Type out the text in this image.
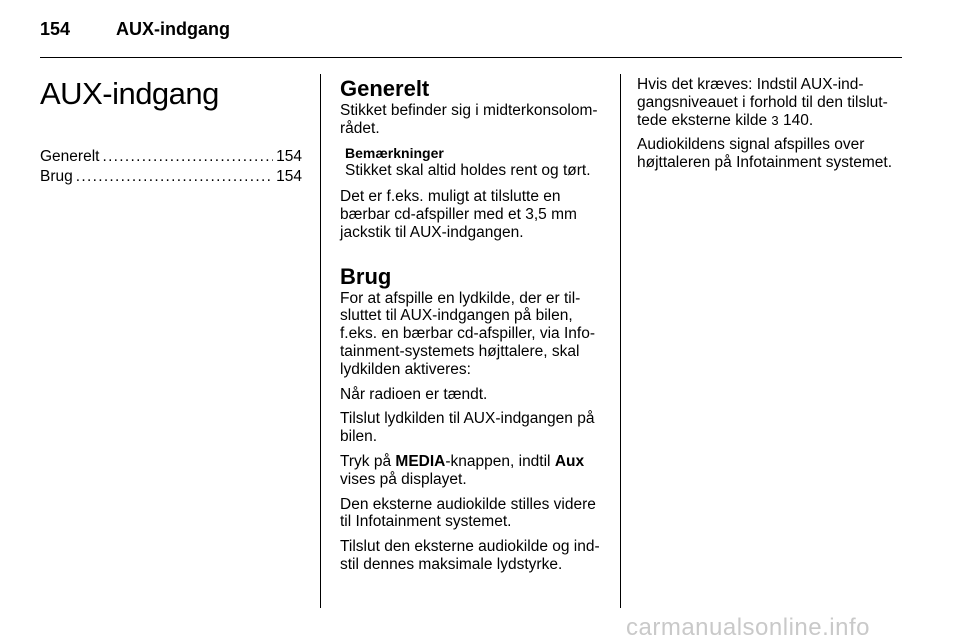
154	AUX-indgang
AUX-indgang
Generelt . . .	154
Brug . . .	154
Generelt

Stikket befinder sig i midterkonsolom-rådet.

Bemærkninger
Stikket skal altid holdes rent og tørt.

Det er f.eks. muligt at tilslutte en bærbar cd-afspiller med et 3,5 mm jackstik til AUX-indgangen.

Brug

For at afspille en lydkilde, der er til-sluttet til AUX-indgangen på bilen, f.eks. en bærbar cd-afspiller, via Info-tainment-systemets højttalere, skal lydkilden aktiveres:

Når radioen er tændt.

Tilslut lydkilden til AUX-indgangen på bilen.

Tryk på MEDIA-knappen, indtil Aux vises på displayet.

Den eksterne audiokilde stilles videre til Infotainment systemet.

Tilslut den eksterne audiokilde og ind-stil dennes maksimale lydstyrke.

Hvis det kræves: Indstil AUX-ind-gangsniveauet i forhold til den tilslut-tede eksterne kilde 3 140.

Audiokildens signal afspilles over højttaleren på Infotainment systemet.

carmanualsonline.info
